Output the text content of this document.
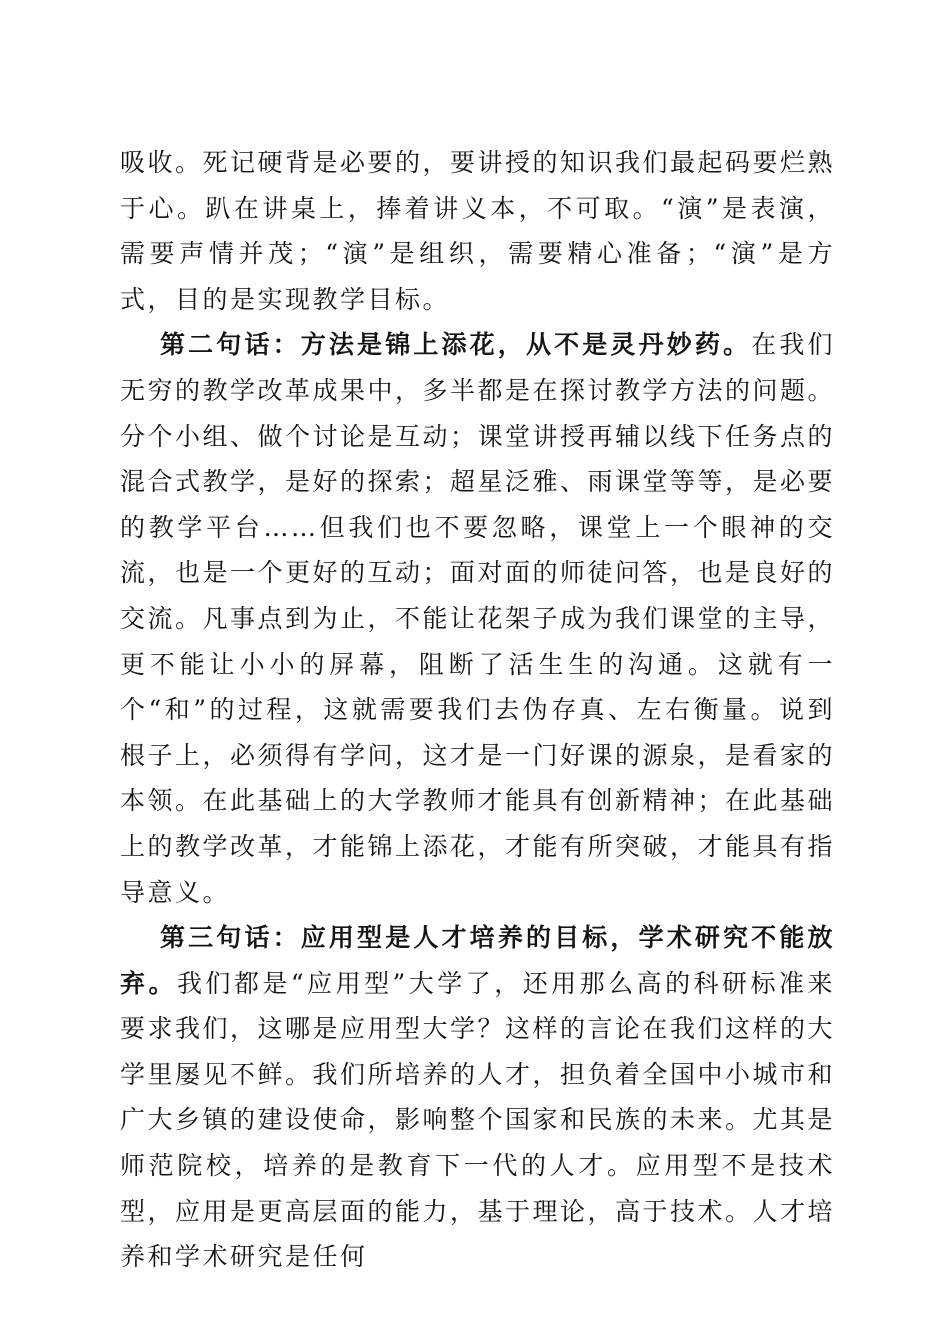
吸收。死记硬背是必要的，要讲授的知识我们最起码要烂熟于心。趴在讲桌上，捧着讲义本，不可取。“演”是表演，需要声情并茂；“演”是组织，需要精心准备；“演”是方式，目的是实现教学目标。

第二句话：方法是锦上添花，从不是灵丹妙药。在我们无穷的教学改革成果中，多半都是在探讨教学方法的问题。分个小组、做个讨论是互动；课堂讲授再辅以线下任务点的混合式教学，是好的探索；超星泛雅、雨课堂等等，是必要的教学平台……但我们也不要忽略，课堂上一个眼神的交流，也是一个更好的互动；面对面的师徒问答，也是良好的交流。凡事点到为止，不能让花架子成为我们课堂的主导，更不能让小小的屏幕，阻断了活生生的沟通。这就有一个“和”的过程，这就需要我们去伪存真、左右衡量。说到根子上，必须得有学问，这才是一门好课的源泉，是看家的本领。在此基础上的大学教师才能具有创新精神；在此基础上的教学改革，才能锦上添花，才能有所突破，才能具有指导意义。

第三句话：应用型是人才培养的目标，学术研究不能放弃。我们都是“应用型”大学了，还用那么高的科研标准来要求我们，这哪是应用型大学？这样的言论在我们这样的大学里屡见不鲜。我们所培养的人才，担负着全国中小城市和广大乡镇的建设使命，影响整个国家和民族的未来。尤其是师范院校，培养的是教育下一代的人才。应用型不是技术型，应用是更高层面的能力，基于理论，高于技术。人才培养和学术研究是任何
